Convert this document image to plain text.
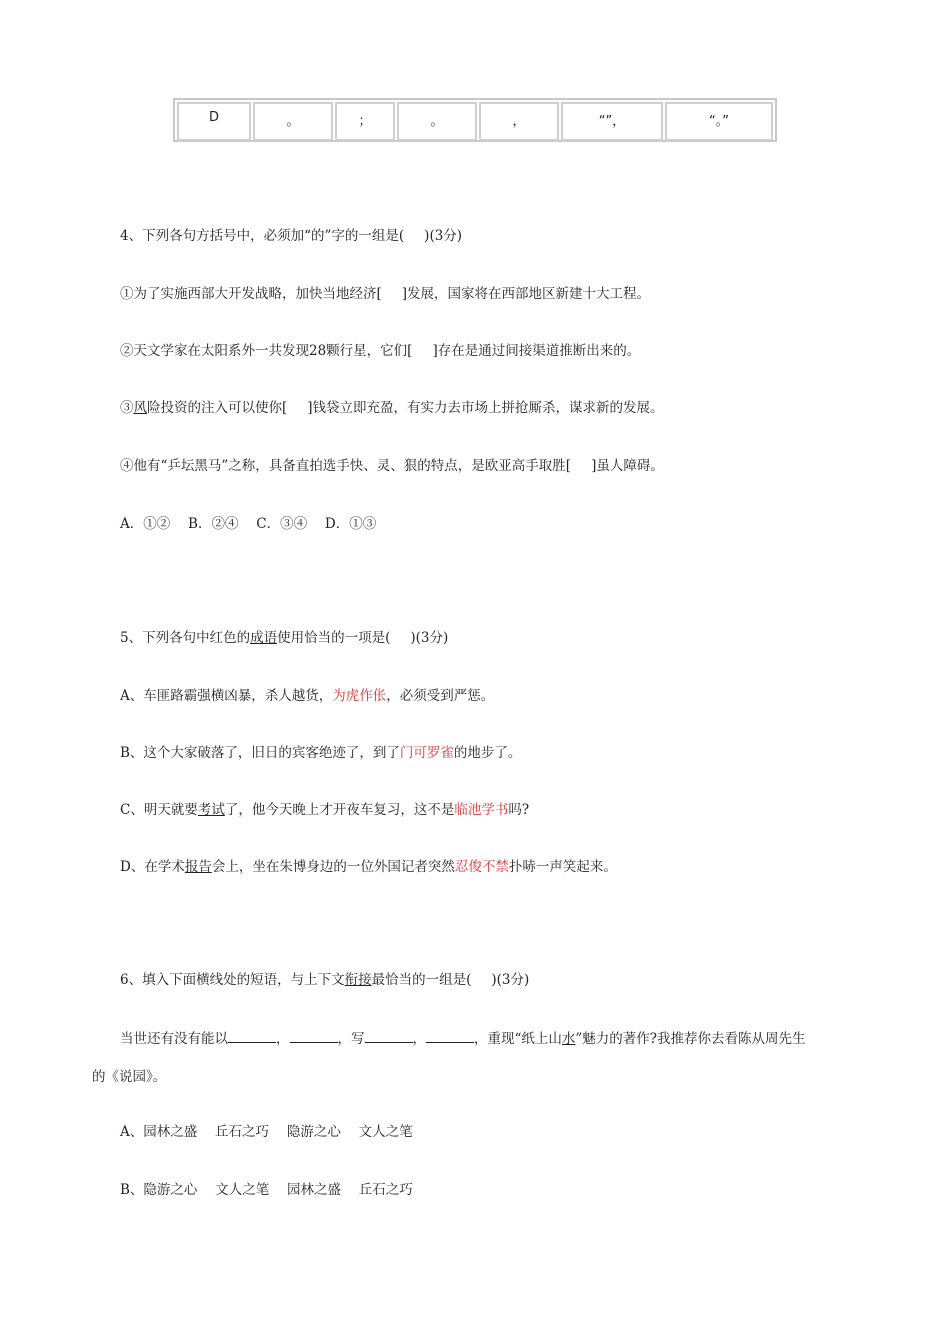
D	。	；	。	，	“”，	“。”
4、下列各句方括号中，必须加“的”字的一组是( )(3分)
①为了实施西部大开发战略，加快当地经济[ ]发展，国家将在西部地区新建十大工程。
②天文学家在太阳系外一共发现28颗行星，它们[ ]存在是通过间接渠道推断出来的。
③风险投资的注入可以使你[ ]钱袋立即充盈，有实力去市场上拼抢厮杀，谋求新的发展。
④他有“乒坛黑马”之称，具备直拍选手快、灵、狠的特点，是欧亚高手取胜[ ]虽人障碍。
A．①②　 B．②④　 C．③④　 D．①③
5、下列各句中红色的成语使用恰当的一项是( )(3分)
A、车匪路霸强横凶暴，杀人越货，为虎作伥，必须受到严惩。
B、这个大家破落了，旧日的宾客绝迹了，到了门可罗雀的地步了。
C、明天就要考试了，他今天晚上才开夜车复习，这不是临池学书吗?
D、在学术报告会上，坐在朱博身边的一位外国记者突然忍俊不禁扑哧一声笑起来。
6、填入下面横线处的短语，与上下文衔接最恰当的一组是( )(3分)
当世还有没有能以	，	，写	，	，重现“纸上山水”魅力的著作?我推荐你去看陈从周先生
的《说园》。
A、园林之盛　 丘石之巧　 隐游之心　 文人之笔
B、隐游之心　 文人之笔　 园林之盛　 丘石之巧
